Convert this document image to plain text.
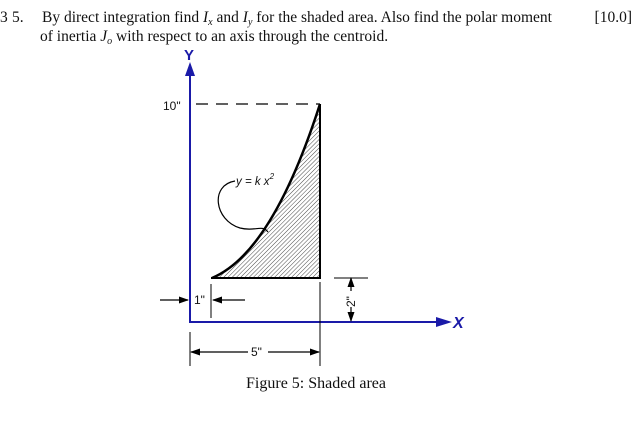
3 5. By direct integration find $I_x$ and $I_y$ for the shaded area. Also find the polar moment	[10.0]
of inertia $J_o$ with respect to an axis through the centroid.
Y
X
10"
y = k $x^2$
1"	2"
5"
Figure 5: Shaded area
